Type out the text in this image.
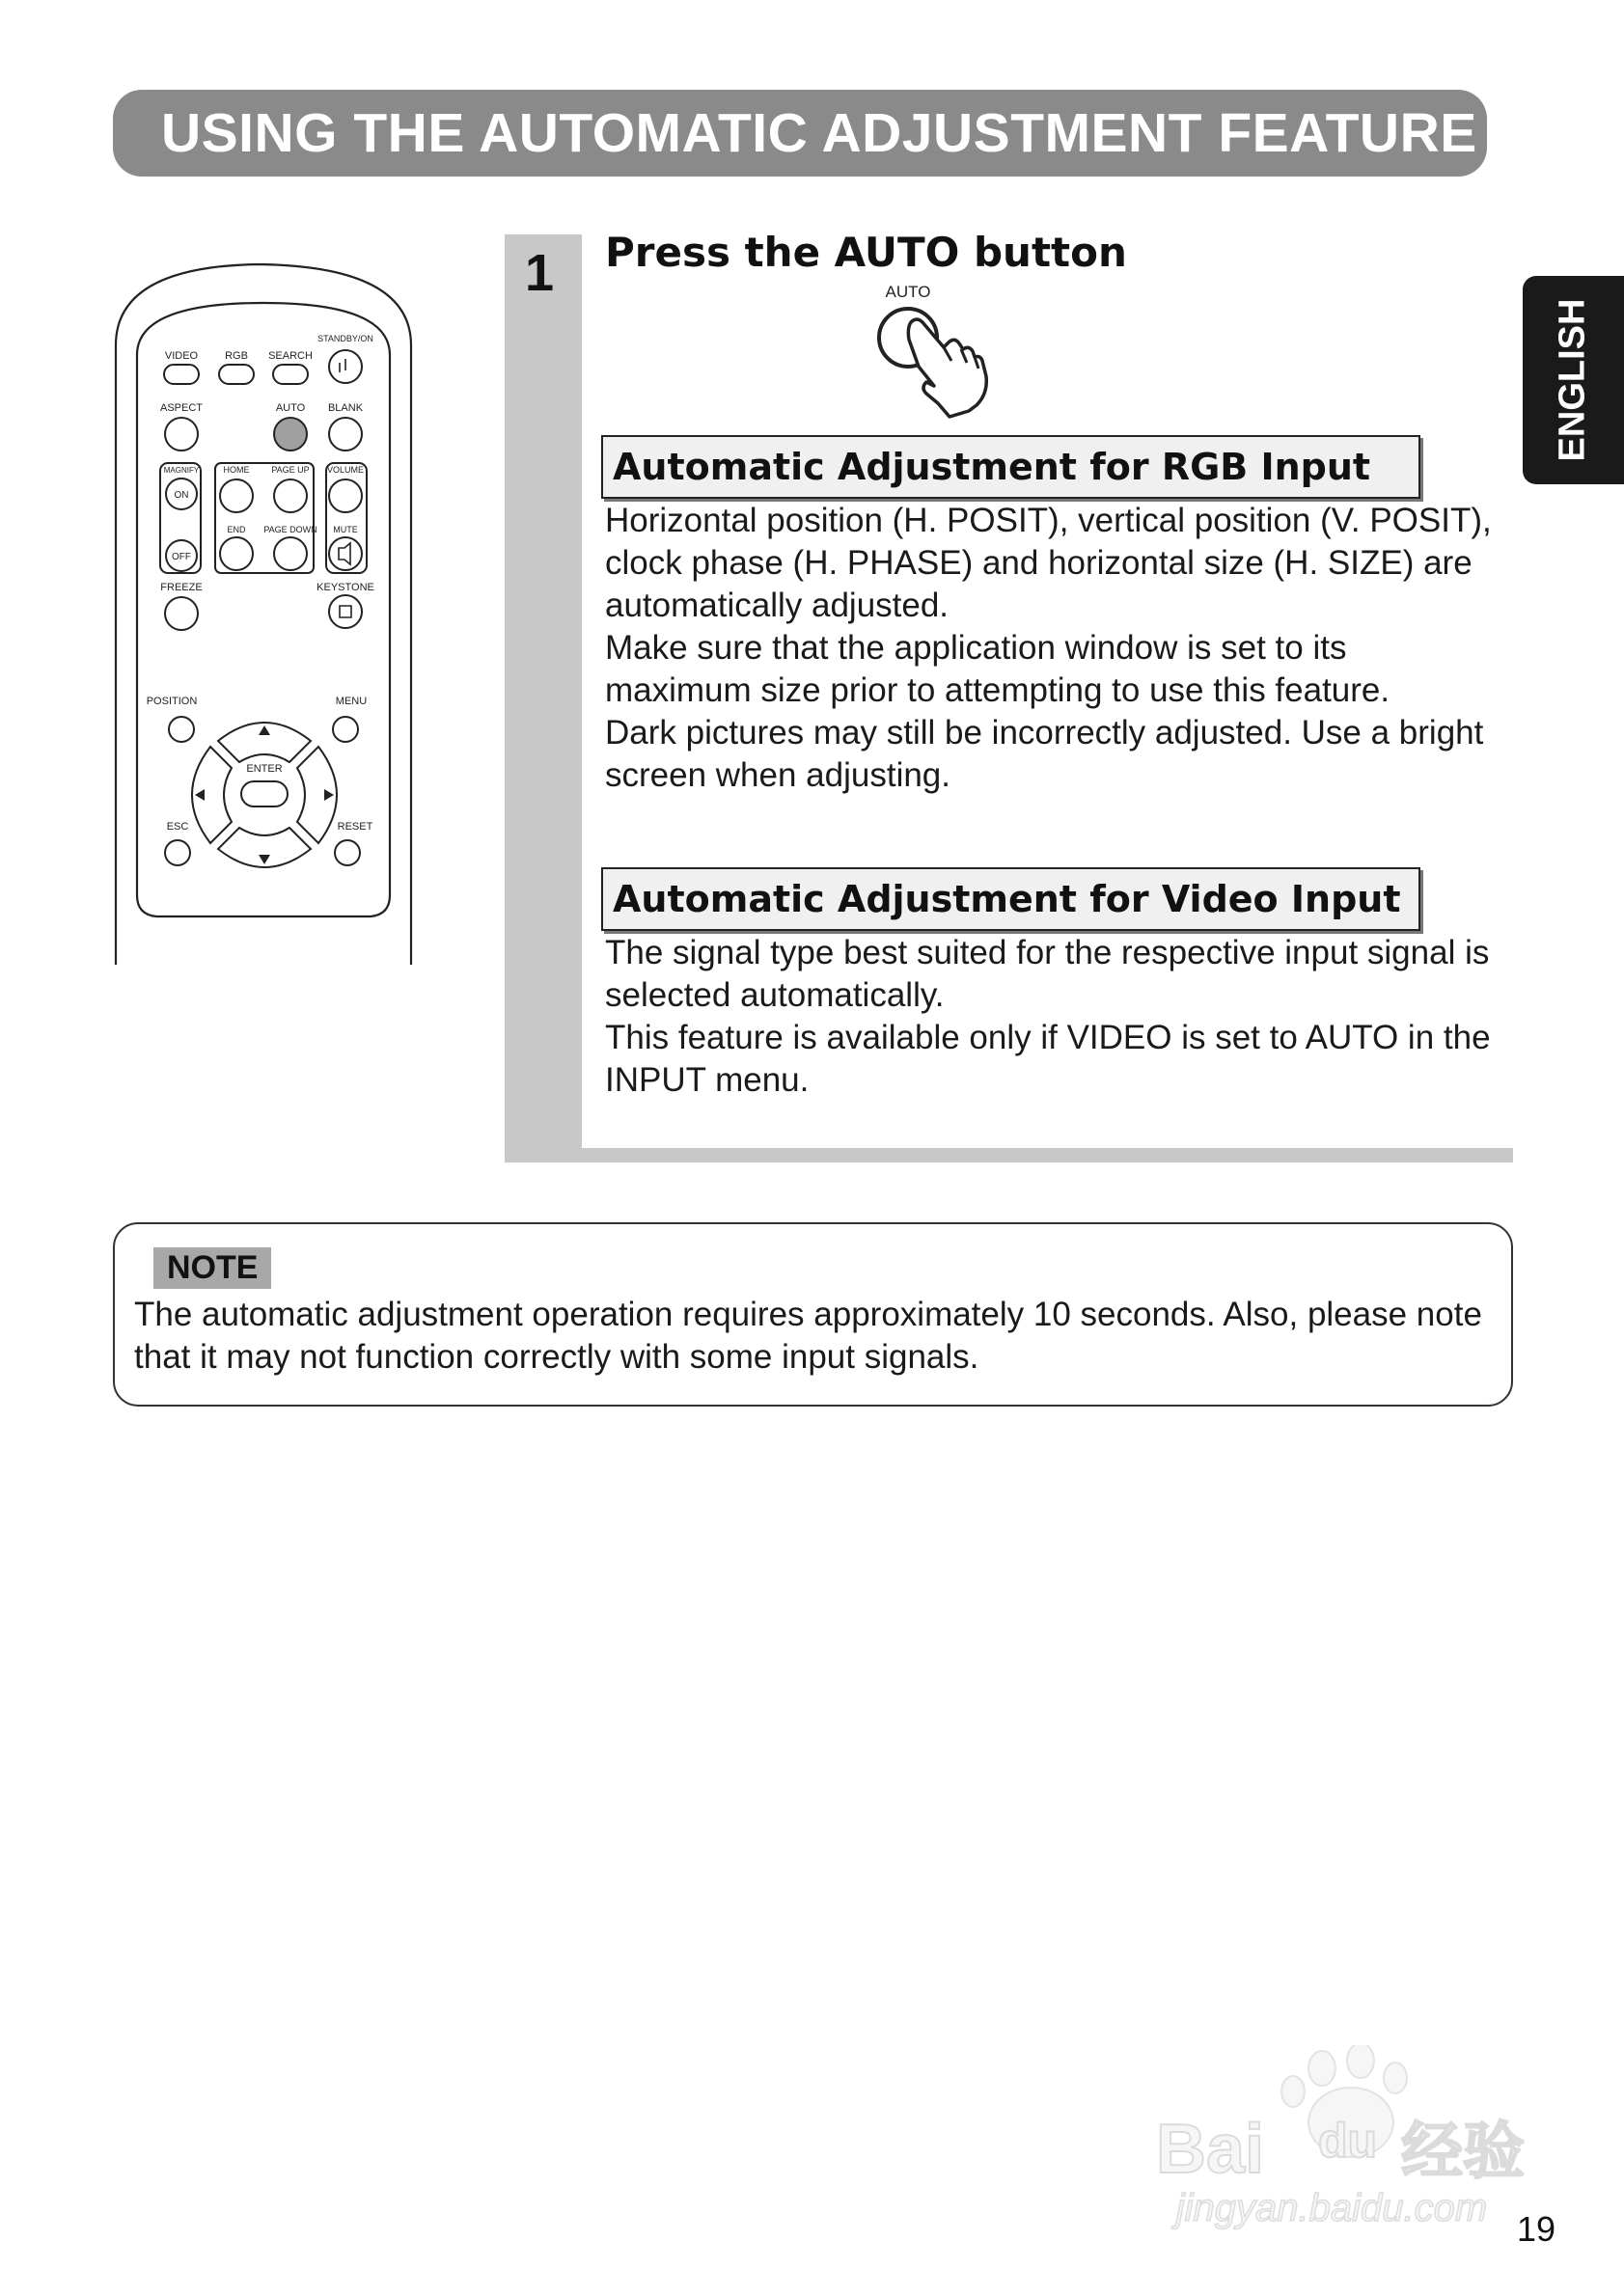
USING THE AUTOMATIC ADJUSTMENT FEATURE
ENGLISH
STANDBY/ON
VIDEO	RGB SEARCH
ASPECT	AUTO BLANK
MAGNIFY	HOME	PAGE UP VOLUME
ON
END PAGE DOWN MUTE
OFF
FREEZE	KEYSTONE
POSITION	MENU
ENTER
ESC	RESET
1 Press the AUTO button
AUTO
Automatic Adjustment for RGB Input

Horizontal position (H. POSIT), vertical position (V. POSIT), clock phase (H. PHASE) and horizontal size (H. SIZE) are automatically adjusted.

Make sure that the application window is set to its maximum size prior to attempting to use this feature.

Dark pictures may still be incorrectly adjusted. Use a bright screen when adjusting.

Automatic Adjustment for Video Input

The signal type best suited for the respective input signal is selected automatically.

This feature is available only if VIDEO is set to AUTO in the INPUT menu.

NOTE
The automatic adjustment operation requires approximately 10 seconds. Also, please note that it may not function correctly with some input signals.
Bai du 经验
jingyan.baidu.com 19
